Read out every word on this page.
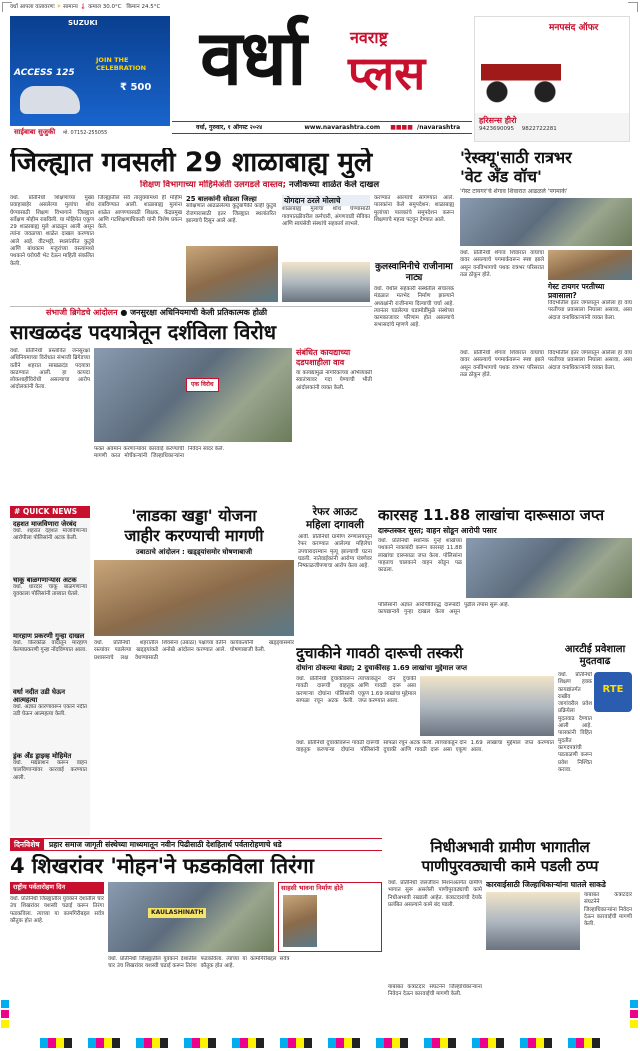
वर्धा आपला वातावरणः ☀ सामान्य 🌡 कमाल 30.0°C किमान 24.5°C
SUZUKI
ACCESS 125
JOIN THE CELEBRATION
₹ 500
साईबाबा सुजुकी मो. 07152-255055
वर्धा	नवराष्ट्र
प्लस
वर्धा, गुरुवार, १ ऑगस्ट २०२४	www.navarashtra.com ■■■■ /navarashtra
मनपसंद ऑफर
हरिसन्स हीरो
9423690095 9822722281
जिल्ह्यात गवसली 29 शाळाबाह्य मुले
शिक्षण विभागाच्या मोहिमेअंती उलगडले वास्तव; नजीकच्या शाळेत केले दाखल
वर्धा. प्रतिनिधी शिक्षणाच्या मुख्य प्रवाहाबाहेर असलेल्या मुलांचा शोध घेण्यासाठी शिक्षण विभागाने जिल्ह्यात सर्वेक्षण मोहीम राबविली. या मोहिमेत एकूण 29 शाळाबाह्य मुले आढळून आली असून त्यांना जवळच्या शाळेत दाखल करण्यात आले आहे. वीटभट्टी, स्थलांतरित कुटुंबे आणि बांधकाम मजुरांच्या वस्त्यांमध्ये पथकाने घरोघरी भेट देऊन माहिती संकलित केली.
जिल्ह्यातील सर्व तालुक्यांमध्ये ही मोहीम राबविण्यात आली. शाळाबाह्य मुलांना शाळेत आणण्यासाठी शिक्षक, केंद्रप्रमुख आणि गटशिक्षणाधिकारी यांनी विशेष प्रयत्न केले.
25 बालकांनी सोडला जिल्हा
सर्वेक्षणात आढळलेल्या कुटुंबांपैकी काही कुटुंबे रोजगारासाठी इतर जिल्ह्यात स्थलांतरित झाल्याचे दिसून आले आहे.
योगदान ठरले मोलाचे
शाळाबाह्य मुलांचा शोध घेण्यासाठी गावपातळीवरील कर्मचारी, अंगणवाडी सेविका आणि स्वयंसेवी संस्थांचे सहकार्य लाभले.
करण्यात आल्याचे सांगण्यात आले. पालकांना केले समुपदेशन: शाळाबाह्य मुलांच्या पालकांचे समुपदेशन करून शिक्षणाचे महत्त्व पटवून देण्यात आले.
कुलस्वामिनीचे राजीनामा नाट्य
वर्धा. येथील सहकारी संस्थेतील संचालक मंडळात मतभेद निर्माण झाल्याने अध्यक्षांनी राजीनामा दिल्याची चर्चा आहे. त्यानंतर घडलेल्या घडामोडींमुळे संस्थेच्या कामकाजावर परिणाम होत असल्याचे सभासदांचे म्हणणे आहे.
'रेस्क्यू'साठी रात्रभर
'वेट अँड वॉच'
'गेस्ट टायगर'चे शेगाव शिवारात आढळले 'पगमार्क'
वर्धा. प्रतिनिधी शेगाव शिवारात वाघाचा वावर असल्याचे पगमार्कवरून स्पष्ट झाले असून वनविभागाचे पथक रात्रभर परिसरात तळ ठोकून होते.
गेस्ट टायगर परतीच्या प्रवासाला?
विदर्भातील इतर जंगलातून आलेला हा वाघ परतीच्या प्रवासाला निघाला असावा, असा अंदाज वनाधिकाऱ्यांनी व्यक्त केला.
संभाजी ब्रिगेडचे आंदोलन ● जनसुरक्षा अधिनियमाची केली प्रतिकात्मक होळी
साखळदंड पदयात्रेतून दर्शविला विरोध
वर्धा. प्रतिनिधी प्रस्तावित जनसुरक्षा अधिनियमाच्या विरोधात संभाजी ब्रिगेडच्या वतीने शहरात साखळदंड पदयात्रा काढण्यात आली. हा कायदा लोकशाहीविरोधी असल्याचा आरोप आंदोलकांनी केला.	एक विरोध
संबंधित कायद्याच्या दडपशाहीला वाव
या कायद्यामुळे नागरिकांच्या अभिव्यक्ती स्वातंत्र्यावर गदा येण्याची भीती आंदोलकांनी व्यक्त केली.
फक्त अवमान करणाऱ्यांवर कारवाई करण्याची मागणी करत मोर्चेकऱ्यांनी जिल्हाधिकाऱ्यांना निवेदन सादर केले.
वर्धा. प्रतिनिधी शेगाव शिवारात वाघाचा वावर असल्याचे पगमार्कवरून स्पष्ट झाले असून वनविभागाचे पथक रात्रभर परिसरात तळ ठोकून होते.
विदर्भातील इतर जंगलातून आलेला हा वाघ परतीच्या प्रवासाला निघाला असावा, असा अंदाज वनाधिकाऱ्यांनी व्यक्त केला.
# QUICK NEWS
दहशत माजविणारा जेरबंद
वर्धा. शहरात दहशत माजविणाऱ्या आरोपीला पोलिसांनी अटक केली.
चाकू बाळगणाऱ्यास अटक
वर्धा. धारदार चाकू बाळगणाऱ्या युवकाला पोलिसांनी ताब्यात घेतले.
मारहाण प्रकरणी गुन्हा दाखल
वर्धा. किरकोळ वादातून मारहाण केल्याप्रकरणी गुन्हा नोंदविण्यात आला.
वर्धा नदीत उडी घेऊन आत्महत्या
वर्धा. अज्ञात कारणावरून एकाने नदीत उडी घेऊन आत्महत्या केली.
ड्रंक अँड ड्राइव्ह मोहिमेत
वर्धा. मद्यप्राशन करून वाहन चालविणाऱ्यांवर कारवाई करण्यात आली.
'लाडका खड्डा' योजना
जाहीर करण्याची मागणी
उबाठाचे आंदोलन : खड्ड्यांसमोर घोषणाबाजी
वर्धा. प्रतिनिधी शहरातील रस्त्यांवर पडलेल्या खड्ड्यांकडे प्रशासनाचे लक्ष वेधण्यासाठी शिवसेना (उबाठा) पक्षाच्या वतीने अनोखे आंदोलन करण्यात आले. कार्यकर्त्यांनी खड्ड्यांसमोर घोषणाबाजी केली.
रेफर आऊट
महिला दगावली
आर्वी. प्रतिनिधी ग्रामीण रुग्णालयातून रेफर करण्यात आलेल्या महिलेचा उपचारादरम्यान मृत्यू झाल्याची घटना घडली. नातेवाईकांनी आरोग्य यंत्रणेवर निष्काळजीपणाचा आरोप केला आहे.
कारसह 11.88 लाखांचा दारूसाठा जप्त
दारूतस्कर सुस्त; वाहन सोडून आरोपी पसार
वर्धा. प्रतिनिधी स्थानिक गुन्हे शाखेच्या पथकाने नाकाबंदी करून कारसह 11.88 लाखांचा दारूसाठा जप्त केला. पोलिसांना पाहताच चालकाने वाहन सोडून पळ काढला.
पोलिसांनी अज्ञात आरोपीविरुद्ध दारूबंदी कायद्यान्वये गुन्हा दाखल केला असून पुढील तपास सुरू आहे.
दुचाकीने गावठी दारूची तस्करी
दोघांना ठोकल्या बेड्या; 2 दुचाकींसह 1.69 लाखांचा मुद्देमाल जप्त
वर्धा. प्रतिनिधी दुचाकीवरून गावठी दारूची वाहतूक करणाऱ्या दोघांना पोलिसांनी सापळा रचून अटक केली. त्यांच्याकडून दोन दुचाकी आणि गावठी दारू असा एकूण 1.69 लाखांचा मुद्देमाल जप्त करण्यात आला.
वर्धा. प्रतिनिधी दुचाकीवरून गावठी दारूची वाहतूक करणाऱ्या दोघांना पोलिसांनी सापळा रचून अटक केली. त्यांच्याकडून दोन दुचाकी आणि गावठी दारू असा एकूण 1.69 लाखांचा मुद्देमाल जप्त करण्यात आला.
आरटीई प्रवेशाला
मुदतवाढ
RTE
वर्धा. प्रतिनिधी शिक्षण हक्क कायद्यांतर्गत राखीव जागांवरील प्रवेश प्रक्रियेला मुदतवाढ देण्यात आली आहे. पालकांनी विहित मुदतीत कागदपत्रांची पडताळणी करून प्रवेश निश्चित करावा.
दिनविशेष प्रहार समाज जागृती संस्थेच्या माध्यमातून नवीन पिढीसाठी देशहितार्थ पर्वतारोहणाचे धडे
4 शिखरांवर 'मोहन'ने फडकविला तिरंगा
राष्ट्रीय पर्वतारोहण दिन
वर्धा. प्रतिनिधी जिल्ह्यातील युवकाने देशातील चार उंच शिखरांवर यशस्वी चढाई करून तिरंगा फडकविला. त्याच्या या कामगिरीबद्दल सर्वत्र कौतुक होत आहे.
KAULASHINATH
साहसी भावना निर्माण होते
वर्धा. प्रतिनिधी जिल्ह्यातील युवकाने देशातील चार उंच शिखरांवर यशस्वी चढाई करून तिरंगा फडकविला. त्याच्या या कामगिरीबद्दल सर्वत्र कौतुक होत आहे.
निधीअभावी ग्रामीण भागातील
पाणीपुरवठ्याची कामे पडली ठप्प
कारवाईसाठी जिल्हाधिकाऱ्यांना घातले साकडे
वर्धा. प्रतिनिधी जलजीवन मिशनअंतर्गत ग्रामीण भागात सुरू असलेली पाणीपुरवठ्याची कामे निधीअभावी रखडली आहेत. कंत्राटदारांची देयके प्रलंबित असल्याने कामे बंद पडली.
याबाबत कंत्राटदार संघटनेने जिल्हाधिकाऱ्यांना निवेदन देऊन कारवाईची मागणी केली.
याबाबत कंत्राटदार संघटनेने जिल्हाधिकाऱ्यांना निवेदन देऊन कारवाईची मागणी केली.
